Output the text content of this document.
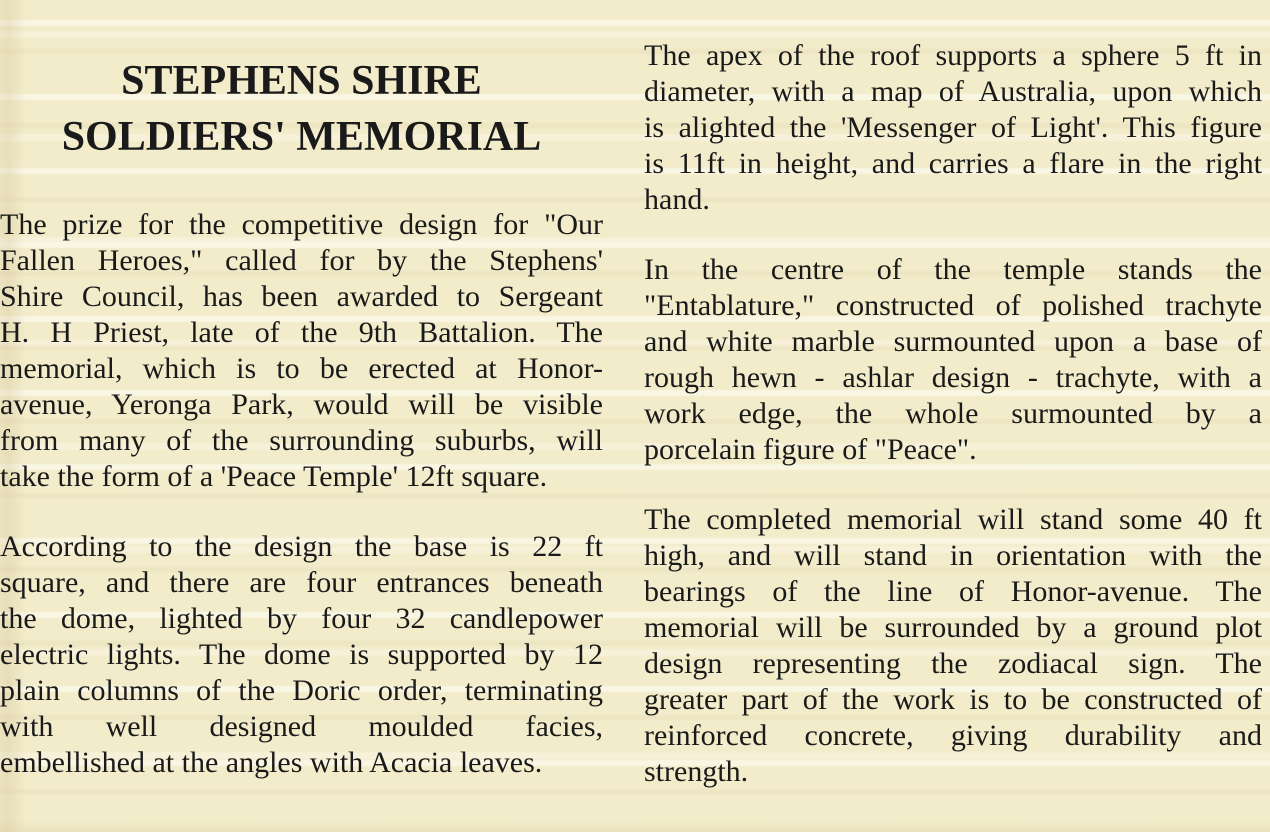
STEPHENS SHIRE
SOLDIERS' MEMORIAL
The prize for the competitive design for "Our
Fallen Heroes," called for by the Stephens'
Shire Council, has been awarded to Sergeant
H. H Priest, late of the 9th Battalion. The
memorial, which is to be erected at Honor-
avenue, Yeronga Park, would will be visible
from many of the surrounding suburbs, will
take the form of a 'Peace Temple' 12ft square.
According to the design the base is 22 ft
square, and there are four entrances beneath
the dome, lighted by four 32 candlepower
electric lights. The dome is supported by 12
plain columns of the Doric order, terminating
with well designed moulded facies,
embellished at the angles with Acacia leaves.
The apex of the roof supports a sphere 5 ft in
diameter, with a map of Australia, upon which
is alighted the 'Messenger of Light'. This figure
is 11ft in height, and carries a flare in the right
hand.
In the centre of the temple stands the
"Entablature," constructed of polished trachyte
and white marble surmounted upon a base of
rough hewn - ashlar design - trachyte, with a
work edge, the whole surmounted by a
porcelain figure of "Peace".
The completed memorial will stand some 40 ft
high, and will stand in orientation with the
bearings of the line of Honor-avenue. The
memorial will be surrounded by a ground plot
design representing the zodiacal sign. The
greater part of the work is to be constructed of
reinforced concrete, giving durability and
strength.
